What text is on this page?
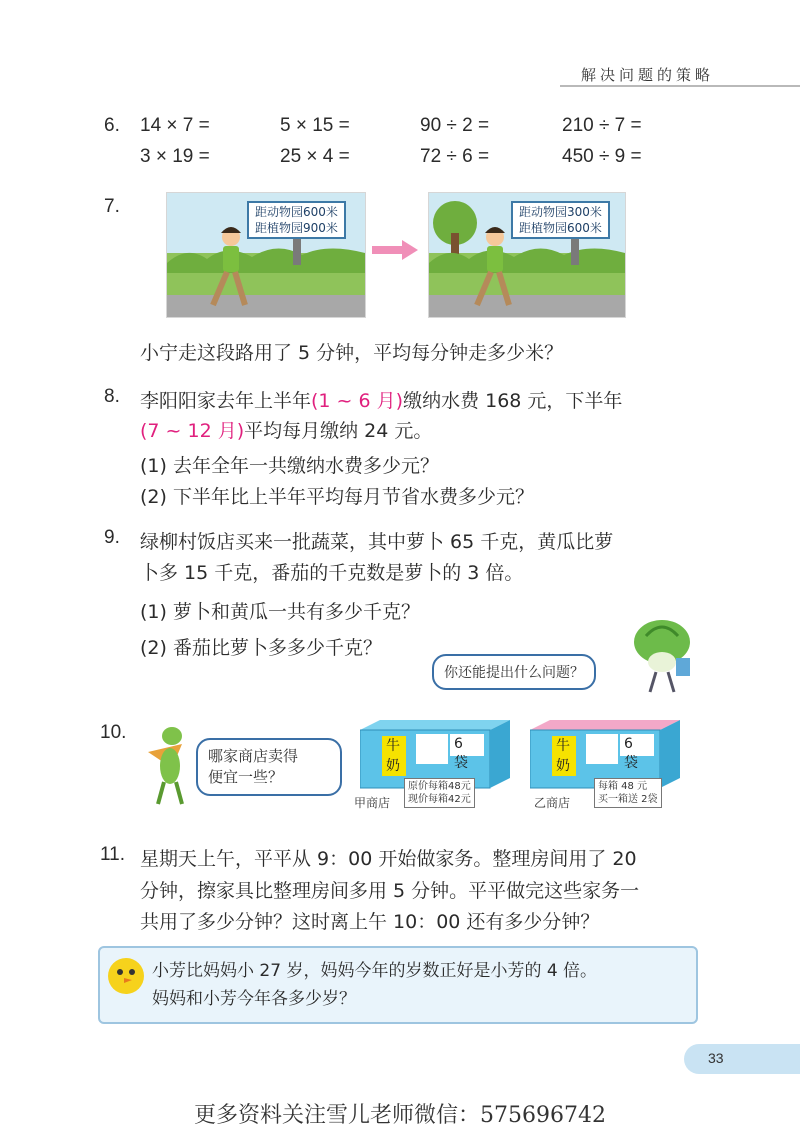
解决问题的策略
6. 14 × 7 =	5 × 15 =	90 ÷ 2 =	210 ÷ 7 =
3 × 19 =	25 × 4 =	72 ÷ 6 =	450 ÷ 9 =
7.	距动物园600米
距植物园900米
距动物园300米
距植物园600米
小宁走这段路用了 5 分钟，平均每分钟走多少米？
8. 李阳阳家去年上半年(1 ~ 6 月)缴纳水费 168 元，下半年
(7 ~ 12 月)平均每月缴纳 24 元。
(1) 去年全年一共缴纳水费多少元？
(2) 下半年比上半年平均每月节省水费多少元？
9. 绿柳村饭店买来一批蔬菜，其中萝卜 65 千克，黄瓜比萝
卜多 15 千克，番茄的千克数是萝卜的 3 倍。
(1) 萝卜和黄瓜一共有多少千克？
(2) 番茄比萝卜多多少千克？
你还能提出什么问题？
10.
哪家商店卖得
便宜一些？
牛
奶
6袋
甲商店
原价每箱48元
现价每箱42元
牛
奶
6袋
乙商店
每箱 48 元
买一箱送 2袋
11. 星期天上午，平平从 9：00 开始做家务。整理房间用了 20
分钟，擦家具比整理房间多用 5 分钟。平平做完这些家务一
共用了多少分钟？这时离上午 10：00 还有多少分钟？
小芳比妈妈小 27 岁，妈妈今年的岁数正好是小芳的 4 倍。
妈妈和小芳今年各多少岁？
33
更多资料关注雪儿老师微信：575696742
